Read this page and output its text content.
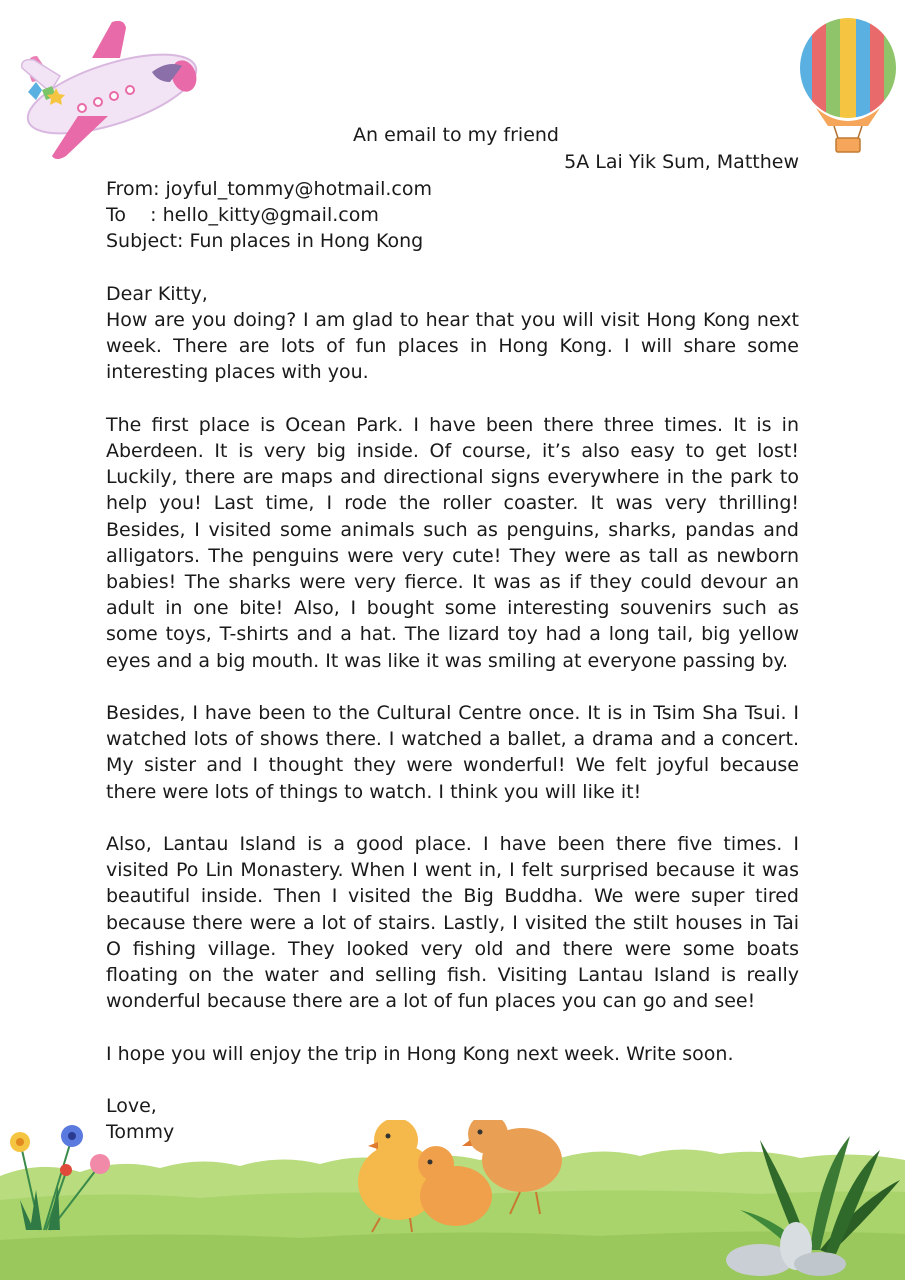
An email to my friend
5A Lai Yik Sum, Matthew
From: joyful_tommy@hotmail.com
To    : hello_kitty@gmail.com
Subject: Fun places in Hong Kong
Dear Kitty,

How are you doing? I am glad to hear that you will visit Hong Kong next week. There are lots of fun places in Hong Kong. I will share some interesting places with you.

The first place is Ocean Park. I have been there three times. It is in Aberdeen. It is very big inside. Of course, it’s also easy to get lost! Luckily, there are maps and directional signs everywhere in the park to help you! Last time, I rode the roller coaster. It was very thrilling! Besides, I visited some animals such as penguins, sharks, pandas and alligators. The penguins were very cute! They were as tall as newborn babies! The sharks were very fierce. It was as if they could devour an adult in one bite! Also, I bought some interesting souvenirs such as some toys, T-shirts and a hat. The lizard toy had a long tail, big yellow eyes and a big mouth. It was like it was smiling at everyone passing by.

Besides, I have been to the Cultural Centre once. It is in Tsim Sha Tsui. I watched lots of shows there. I watched a ballet, a drama and a concert. My sister and I thought they were wonderful! We felt joyful because there were lots of things to watch. I think you will like it!

Also, Lantau Island is a good place. I have been there five times. I visited Po Lin Monastery. When I went in, I felt surprised because it was beautiful inside. Then I visited the Big Buddha. We were super tired because there were a lot of stairs. Lastly, I visited the stilt houses in Tai O fishing village. They looked very old and there were some boats floating on the water and selling fish. Visiting Lantau Island is really wonderful because there are a lot of fun places you can go and see!

I hope you will enjoy the trip in Hong Kong next week. Write soon.

Love,
Tommy
